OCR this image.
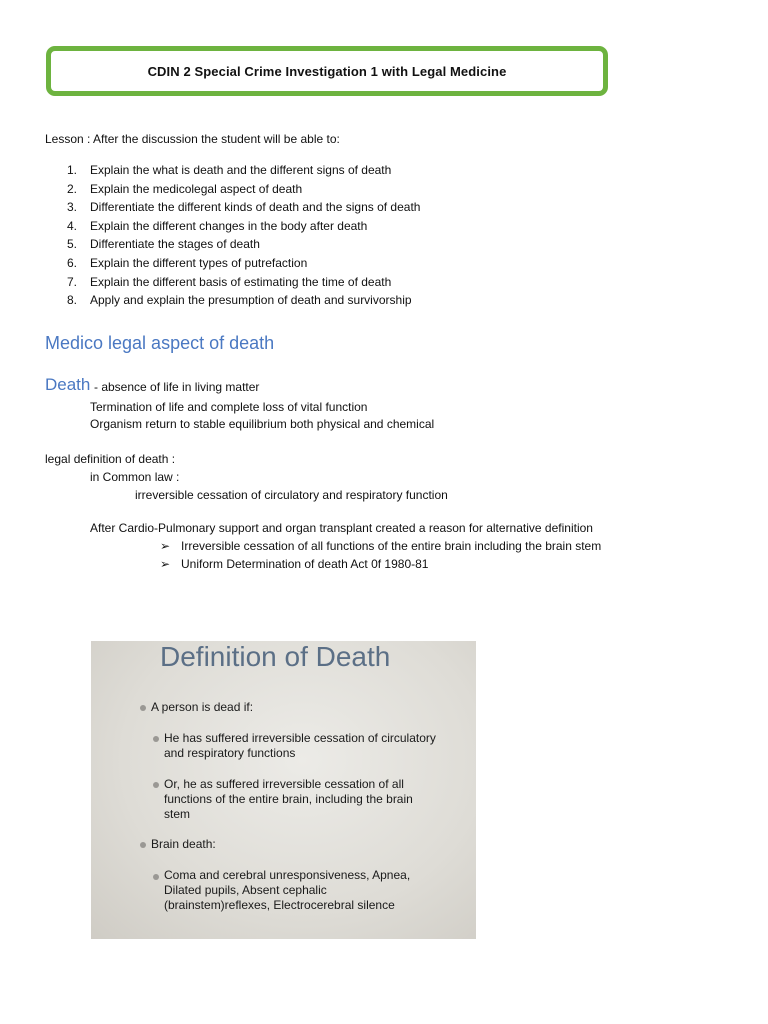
CDIN 2 Special Crime Investigation 1 with Legal Medicine
Lesson : After the discussion the student will be able to:
1.	Explain the what is death and the different signs of death
2.	Explain the medicolegal aspect of death
3.	Differentiate the different kinds of death and the signs of death
4.	Explain the different changes in the body after death
5.	Differentiate the stages of death
6.	Explain the different types of putrefaction
7.	Explain the different basis of estimating the time of death
8.	Apply and explain the presumption of death and survivorship
Medico legal aspect of death
Death - absence of life in living matter
Termination of life and complete loss of vital function
Organism return to stable equilibrium both physical and chemical
legal definition of death :
in Common law :
irreversible cessation of circulatory and respiratory function
After Cardio-Pulmonary support and organ transplant created a reason for alternative definition
➢ Irreversible cessation of all functions of the entire brain including the brain stem
➢ Uniform Determination of death Act 0f 1980-81
Definition of Death
A person is dead if:
He has suffered irreversible cessation of circulatory and respiratory functions
Or, he as suffered irreversible cessation of all functions of the entire brain, including the brain stem
Brain death:
Coma and cerebral unresponsiveness, Apnea, Dilated pupils, Absent cephalic (brainstem)reflexes, Electrocerebral silence
